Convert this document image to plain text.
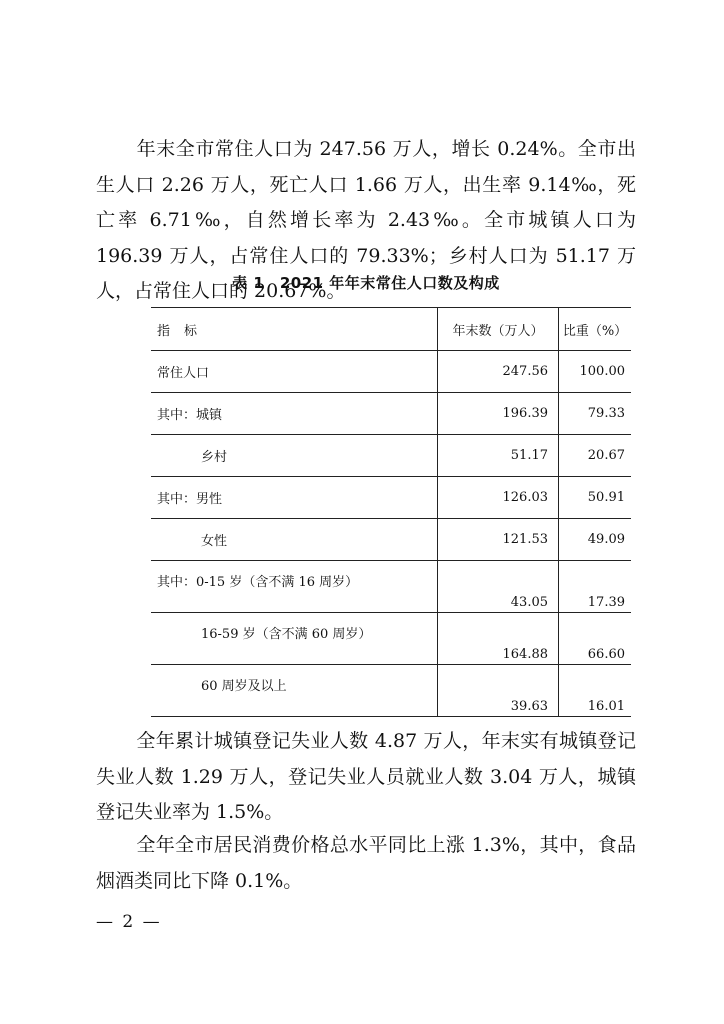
年末全市常住人口为 247.56 万人，增长 0.24%。全市出生人口 2.26 万人，死亡人口 1.66 万人，出生率 9.14‰，死亡率 6.71‰，自然增长率为 2.43‰。全市城镇人口为 196.39 万人，占常住人口的 79.33%；乡村人口为 51.17 万人，占常住人口的 20.67%。

表 1　2021 年年末常住人口数及构成
指标	年末数（万人）	比重（%）
常住人口	247.56	100.00
其中：城镇	196.39	79.33
乡村	51.17	20.67
其中：男性	126.03	50.91
女性	121.53	49.09
其中：0-15 岁（含不满 16 周岁）	43.05	17.39
16-59 岁（含不满 60 周岁）	164.88	66.60
60 周岁及以上	39.63	16.01

全年累计城镇登记失业人数 4.87 万人，年末实有城镇登记失业人数 1.29 万人，登记失业人员就业人数 3.04 万人，城镇登记失业率为 1.5%。

全年全市居民消费价格总水平同比上涨 1.3%，其中，食品烟酒类同比下降 0.1%。

— 2 —
